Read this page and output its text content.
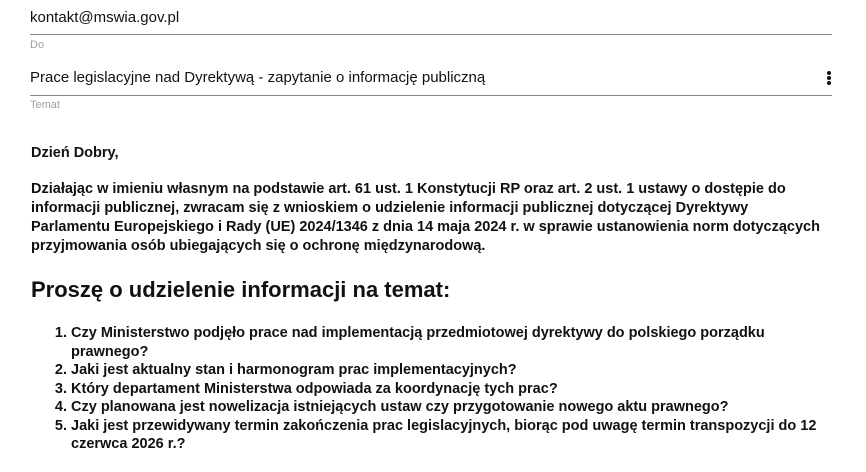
kontakt@mswia.gov.pl
Do
Prace legislacyjne nad Dyrektywą - zapytanie o informację publiczną
Temat

Dzień Dobry,

Działając w imieniu własnym na podstawie art. 61 ust. 1 Konstytucji RP oraz art. 2 ust. 1 ustawy o dostępie do informacji publicznej, zwracam się z wnioskiem o udzielenie informacji publicznej dotyczącej Dyrektywy Parlamentu Europejskiego i Rady (UE) 2024/1346 z dnia 14 maja 2024 r. w sprawie ustanowienia norm dotyczących przyjmowania osób ubiegających się o ochronę międzynarodową.

Proszę o udzielenie informacji na temat:
1. Czy Ministerstwo podjęło prace nad implementacją przedmiotowej dyrektywy do polskiego porządku prawnego?
2. Jaki jest aktualny stan i harmonogram prac implementacyjnych?
3. Który departament Ministerstwa odpowiada za koordynację tych prac?
4. Czy planowana jest nowelizacja istniejących ustaw czy przygotowanie nowego aktu prawnego?
5. Jaki jest przewidywany termin zakończenia prac legislacyjnych, biorąc pod uwagę termin transpozycji do 12 czerwca 2026 r.?
